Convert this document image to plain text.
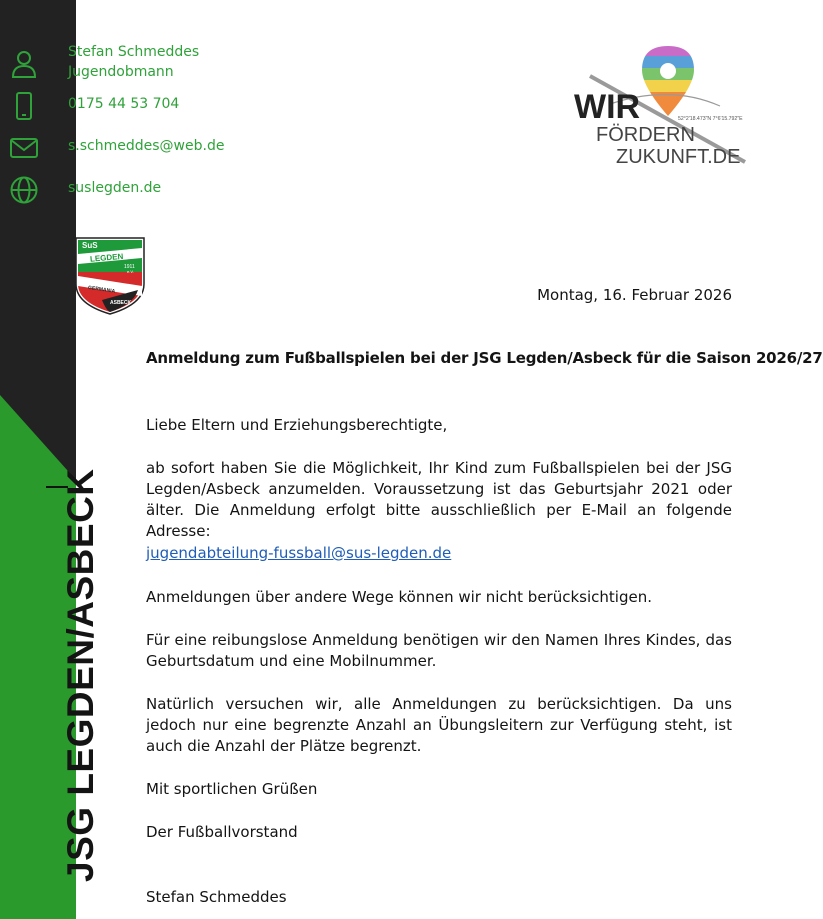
JSG LEGDEN/ASBECK
Stefan Schmeddes
Jugendobmann
0175 44 53 704
s.schmeddes@web.de
suslegden.de
SuS
LEGDEN
1911
e.V.
FC
GERMANIA
ASBECK
WIR
FÖRDERN
ZUKUNFT.DE
52°2'18.473"N 7°6'15.792"E
Montag, 16. Februar 2026
Anmeldung zum Fußballspielen bei der JSG Legden/Asbeck für die Saison 2026/27
Liebe Eltern und Erziehungsberechtigte,
ab sofort haben Sie die Möglichkeit, Ihr Kind zum Fußballspielen bei der JSG Legden/Asbeck anzumelden. Voraussetzung ist das Geburtsjahr 2021 oder älter. Die Anmeldung erfolgt bitte ausschließlich per E-Mail an folgende Adresse:
jugendabteilung-fussball@sus-legden.de
Anmeldungen über andere Wege können wir nicht berücksichtigen.
Für eine reibungslose Anmeldung benötigen wir den Namen Ihres Kindes, das Geburtsdatum und eine Mobilnummer.
Natürlich versuchen wir, alle Anmeldungen zu berücksichtigen. Da uns jedoch nur eine begrenzte Anzahl an Übungsleitern zur Verfügung steht, ist auch die Anzahl der Plätze begrenzt.
Mit sportlichen Grüßen
Der Fußballvorstand
Stefan Schmeddes
